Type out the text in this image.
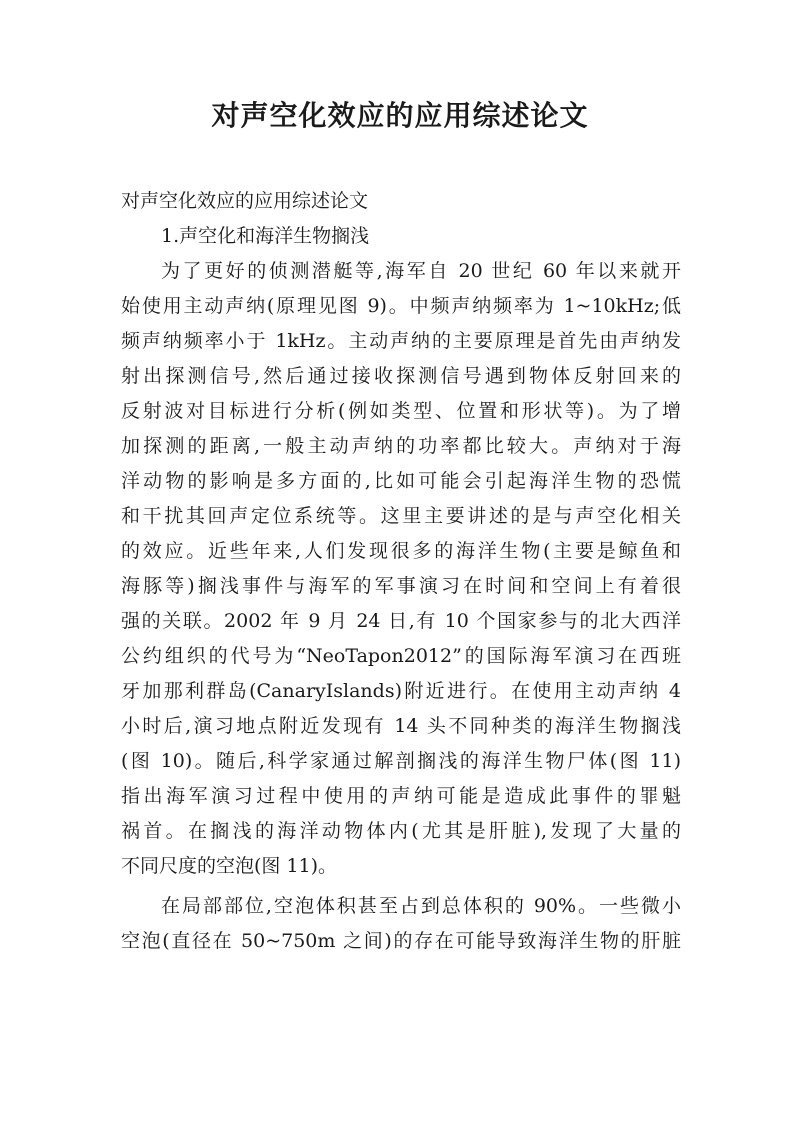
对声空化效应的应用综述论文
对声空化效应的应用综述论文
1.声空化和海洋生物搁浅
为了更好的侦测潜艇等,海军自 20 世纪 60 年以来就开
始使用主动声纳(原理见图 9)。中频声纳频率为 1~10kHz;低
频声纳频率小于 1kHz。主动声纳的主要原理是首先由声纳发
射出探测信号,然后通过接收探测信号遇到物体反射回来的
反射波对目标进行分析(例如类型、位置和形状等)。为了增
加探测的距离,一般主动声纳的功率都比较大。声纳对于海
洋动物的影响是多方面的,比如可能会引起海洋生物的恐慌
和干扰其回声定位系统等。这里主要讲述的是与声空化相关
的效应。近些年来,人们发现很多的海洋生物(主要是鲸鱼和
海豚等)搁浅事件与海军的军事演习在时间和空间上有着很
强的关联。2002 年 9 月 24 日,有 10 个国家参与的北大西洋
公约组织的代号为“NeoTapon2012”的国际海军演习在西班
牙加那利群岛(CanaryIslands)附近进行。在使用主动声纳 4
小时后,演习地点附近发现有 14 头不同种类的海洋生物搁浅
(图 10)。随后,科学家通过解剖搁浅的海洋生物尸体(图 11)
指出海军演习过程中使用的声纳可能是造成此事件的罪魁
祸首。在搁浅的海洋动物体内(尤其是肝脏),发现了大量的
不同尺度的空泡(图 11)。
在局部部位,空泡体积甚至占到总体积的 90%。一些微小
空泡(直径在 50~750m 之间)的存在可能导致海洋生物的肝脏
